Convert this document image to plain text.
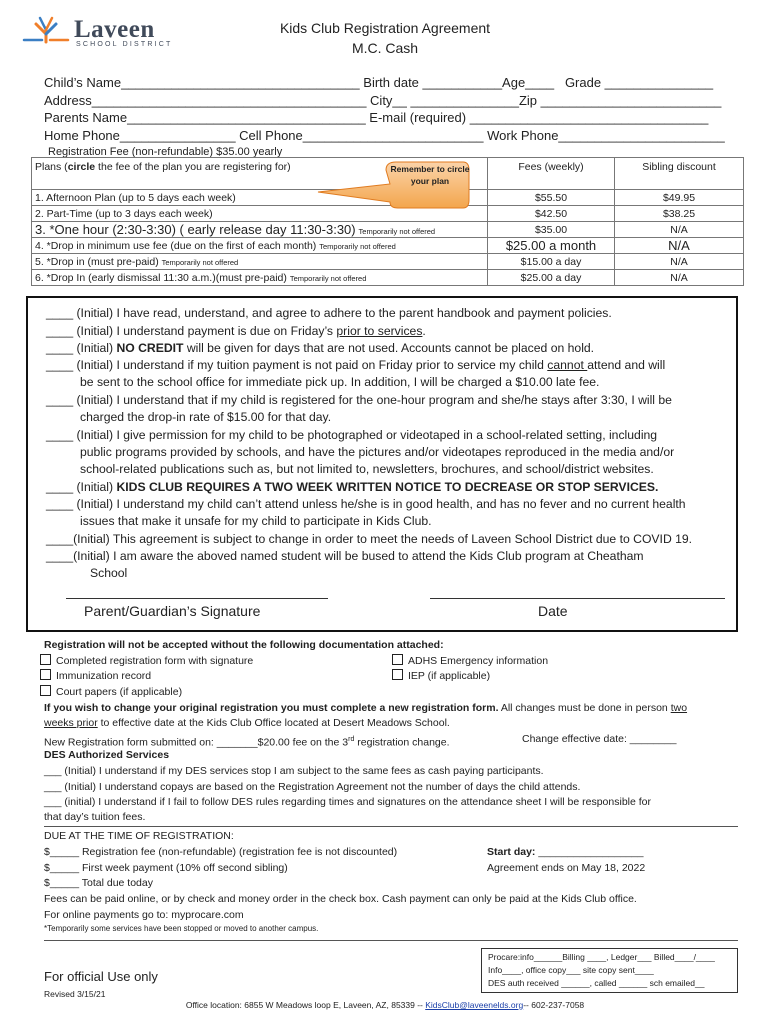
Laveen
SCHOOL DISTRICT
Kids Club Registration Agreement
M.C. Cash
Child’s Name_________________________________ Birth date ___________Age____   Grade _______________
Address______________________________________ City__ _______________Zip _________________________
Parents Name_________________________________ E-mail (required) _________________________________
Home Phone________________ Cell Phone_________________________ Work Phone_______________________
Registration Fee (non-refundable) $35.00 yearly
Plans (circle the fee of the plan you are registering for)	Fees (weekly)	Sibling discount
1. Afternoon Plan (up to 5 days each week)	$55.50	$49.95
2. Part-Time (up to 3 days each week)	$42.50	$38.25
3. *One hour (2:30-3:30) ( early release day 11:30-3:30) Temporarily not offered	$35.00	N/A
4. *Drop in minimum use fee (due on the first of each month) Temporarily not offered	$25.00 a month	N/A
5. *Drop in (must pre-paid) Temporarily not offered	$15.00 a day	N/A
6. *Drop In (early dismissal 11:30 a.m.)(must pre-paid) Temporarily not offered	$25.00 a day	N/A
Remember to circle your plan
____ (Initial) I have read, understand, and agree to adhere to the parent handbook and payment policies.
____ (Initial) I understand payment is due on Friday’s prior to services.
____ (Initial) NO CREDIT will be given for days that are not used. Accounts cannot be placed on hold.
____ (Initial) I understand if my tuition payment is not paid on Friday prior to service my child cannot attend and will
be sent to the school office for immediate pick up. In addition, I will be charged a $10.00 late fee.
____ (Initial) I understand that if my child is registered for the one-hour program and she/he stays after 3:30, I will be
charged the drop-in rate of $15.00 for that day.
____ (Initial) I give permission for my child to be photographed or videotaped in a school-related setting, including
public programs provided by schools, and have the pictures and/or videotapes reproduced in the media and/or
school-related publications such as, but not limited to, newsletters, brochures, and school/district websites.
____ (Initial) KIDS CLUB REQUIRES A TWO WEEK WRITTEN NOTICE TO DECREASE OR STOP SERVICES.
____ (Initial) I understand my child can’t attend unless he/she is in good health, and has no fever and no current health
issues that make it unsafe for my child to participate in Kids Club.
____(Initial) This agreement is subject to change in order to meet the needs of Laveen School District due to COVID 19.
____(Initial) I am aware the aboved named student will be bused to attend the Kids Club program at Cheatham
School
Parent/Guardian’s Signature	Date
Registration will not be accepted without the following documentation attached:
Completed registration form with signature
Immunization record
Court papers (if applicable)
ADHS Emergency information
IEP (if applicable)
If you wish to change your original registration you must complete a new registration form. All changes must be done in person two
weeks prior to effective date at the Kids Club Office located at Desert Meadows School.
New Registration form submitted on: _______$20.00 fee on the 3rd registration change.	Change effective date: ________
DES Authorized Services
___ (Initial) I understand if my DES services stop I am subject to the same fees as cash paying participants.
___ (Initial) I understand copays are based on the Registration Agreement not the number of days the child attends.
___ (initial) I understand if I fail to follow DES rules regarding times and signatures on the attendance sheet I will be responsible for
that day’s tuition fees.
DUE AT THE TIME OF REGISTRATION:
$_____ Registration fee (non-refundable) (registration fee is not discounted)
$_____ First week payment (10% off second sibling)
$_____ Total due today
Start day: __________________
Agreement ends on May 18, 2022
Fees can be paid online, or by check and money order in the check box. Cash payment can only be paid at the Kids Club office.
For online payments go to: myprocare.com
*Temporarily some services have been stopped or moved to another campus.
For official Use only
Revised 3/15/21
Procare:info______Billing ____, Ledger___ Billed____/____
Info____, office copy___ site copy sent____
DES auth received ______, called ______ sch emailed__
Office location: 6855 W Meadows loop E, Laveen, AZ, 85339 -- KidsClub@laveenelds.org-- 602-237-7058
